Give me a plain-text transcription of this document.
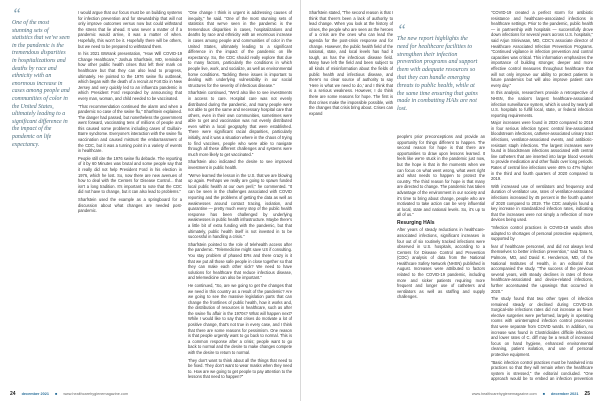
“
One of the most stunning sets of statistics that we've seen in the pandemic is the tremendous disparities in hospitalizations and deaths by race and ethnicity with an enormous increase in cases among people and communities of color in the United States, ultimately leading to a significant difference in the impact of the pandemic on life expectancy.

I would argue that our focus must be on building systems for infection prevention and for stewardship that will not only improve outcomes versus now but could withstand the stress that lie ahead. It was never a matter of if a pandemic would arrive, it was a matter of when. Hopefully, this won't be it. Hopefully there will be others, but we need to be prepared to withstand them.

In his 2021 BWrank presentation, "How Will COVID-19 Change Healthcare," Joshua Sharfstein, MD, reminded how other public health crises that left their mark on healthcare but that they can also lead to progress, ultimately. He pointed to the 1976 swine flu outbreak, which began with the death of a recruit at Fort Dix in New Jersey and very quickly led to an influenza pandemic in which President Ford responded by announcing that every man, woman, and child needed to be vaccinated.

"That recommendation continued the alarm and when a pandemic no case of the swine flu," Sharfstein explained. The danger had passed, but nonetheless the government went forward, vaccinating tens of millions of people and this caused some problems including cases of Guillain-Barre syndrome. Everyone's interaction with the swine flu vaccination and caused mistrust the embarrassment of the CDC, but it was a turning point in a variety of events in healthcare.

People still cite the 1976 swine flu debacle. The reporting of it by 60 Minutes was brutal and some people say that it really did not help President Ford in his election in 1976, which he lost. So, now there are new avenues of how to deal with the Centers for Disease Control... that isn't a long tradition. It's important to note that the CDC did not have to change, but it can also lead to problems."

Sharfstein used the example as a springboard for a discussion about what changes are needed post-pandemic.

"One change I think is urgent is addressing causes of inequity," he said. "One of the most stunning sets of statistics that we've seen in the pandemic is the tremendous disparities in cases, hospitalizations and deaths by race and ethnicity with an enormous increase in cases among people and communities of color in the United States, ultimately leading to a significant difference in the impact of the pandemic on life expectancy. So, the CDC should really explore that due to many factors, particularly the conditions in which people live, work, and socialize, as well as environmental home conditions. Tackling these issues is important to dealing with underlying vulnerability in our social structures for the severity of infectious disease."

Sharfstein continued, "We'd also like to see investments in access to care. Hospital care was not evenly distributed during the pandemic, and many people were not able to get the same and necessary hospital care that others, even in their own communities, sometimes were able to get and vaccination was not evenly distributed even within a local geography that were established. There were significant racial disparities, particularly initially, and it was a situation where in the chaos of trying to find vaccines, people who were able to navigate through all these different challenges and systems were much more likely to get vaccinated."

Sharfstein also indicated the desire to see improved investment in public health.

"We've learned the lesson in the U.S. that we are blowing up again. Perhaps we really are going to spawn funded local public health at our own peril," he commented. "It can be seen in the challenges associated with COVID reporting and the problems of getting the data as well as weaknesses around contact tracing, isolation, and quarantine — pretty much every step of the public health response has been challenged by underlying weaknesses in public health infrastructure. Maybe there's a little bit of extra funding with the pandemic, but that ultimately, public health itself is not invested in to be successful in handling a crisis."

Sharfstein pointed to the role of telehealth access after the pandemic. "Telemedicine might save US if consulting. You stay problem of phased ERs and there crazy is it that we put all those safe people in close together so that they can make each other sick? We need to have solutions for healthcare that reduce infectious disease, and telemedicine can also be important."

He continued, "So, are we going to get the changes that we need in this country as a result of the pandemic? Are we going to see the massive legislation parts that can change the frontlines of public health, how it works and, the distribution of resources in healthcare, such as after the swine flu affair in the 1970s? What will happen next? While I would like to say that crises do motivate a lot of positive change, that's not true in every case, and I think that there are some reasons for pessimism. One reason is that people urgently want to go back to normal. This is a common response after a crisis; people want to go back to normal and the desire to make changes compete with the desire to return to normal.

They don't want to think about all the things that need to be fixed. They don't want to wear masks when they need to. How are we going to get people to pay attention to the lessons that need to happen?"

24 december 2021 ■ www.healthcarehygienemagazine.com

Sharfstein stated, "The second reason is that I think that there's been a lack of authority to lead change. When you look at the history of crises, the people who are seen as the heroes of a crisis are the ones who can lead the agenda for the post-crisis response and for change. However, the public health field of the national, state, and local levels has had it tough, as has the infectious disease field. Many have left the field and been subject to all kinds of misinformation about the fields of public health and infectious disease, and there's no clear source of authority to say 'Here is what we need to do,' and I think that is a serious weakness. However, I do think there are some reasons for hope. The first is that crises make the impossible possible, with the changes that crisis bring about. Crises can expand

“
The new report highlights the need for healthcare facilities to strengthen their infection prevention programs and support them with adequate resources so that they can handle emerging threats to public health, while at the same time ensuring that gains made in combatting HAIs are not lost.

people's prior preconceptions and provide an opportunity for things different to happen. The second reason for hope is that there are opportunities to draw upon lessons learned. It feels like we're stuck in the pandemic just now, but the hope is that in the moments when we can focus on what went wrong, what went right and what needs to happen to protect the country. The third reason for hope is that many are directed to change. The pandemic has taken advantage of the environment in our society and it's time to bring about change, people who are motivated to take action can be very influential at local, state and national levels. So, it's up to all of us."

Resurging HAIs

After years of steady reductions in healthcare-associated infections, significant increases in four out of six routinely tracked infections were observed in U.S. hospitals, according to a Centers for Disease Control and Prevention (CDC) analysis of data from the National Healthcare Safety Network (NHSN) published in August. Increases were attributed to factors related to the COVID-19 pandemic, including more and sicker patients requiring more frequent and longer use of catheters and ventilators as well as staffing and supply challenges.

"COVID-19 created a perfect storm for antibiotic resistance and healthcare-associated infections in healthcare settings. Prior to the pandemic, public health — in partnership with hospitals — successfully drove down infections for several years across U.S. hospitals," said Arjun Srinivasan, MD, CDC's associate director of Healthcare Associated Infection Prevention Programs. "Continued vigilance in infection prevention and control capacities was critical. This information emphasizes the importance of building stronger, deeper and more effective control measures throughout healthcare that will not only improve our ability to protect patients in future pandemics but will also improve patient care every day."

In this analysis, researchers provide a retrospective of NHSN, the nation's largest healthcare-associated infection surveillance system, which is used by nearly all U.S. hospitals to fulfill local, state, or federal infection reporting requirements.

Major increases were found in 2020 compared to 2019 in four serious infection types: central line-associated bloodstream infections, catheter-associated urinary tract infections, ventilator-associated events, and antibiotic-resistant staph infections. The largest increases were found in bloodstream infections associated with central line catheters that are inserted into large blood vessels to provide medication and other fluids over long periods. Rates of central line infections were 46% to 47% higher in the third and fourth quarters of 2020 compared to 2019.

With increased use of ventilators and frequency and duration of ventilator use, rates of ventilator-associated infections increased by 45 percent in the fourth quarter of 2020 compared to 2019. The CDC analysis found a key increase in standardized infection rates, indicating that the increases were not simply a reflection of more devices being used.

"Infection control practices in COVID-19 wards often adapted to shortages of personal protective equipment, supported by

fear of healthcare personnel, and did not always lend themselves to better infection prevention," said Tara N. Palmore, MD, and David K. Henderson, MD, of the National Institutes of Health, in an editorial that accompanied the study. "The success of the previous several years, with steady declines in rates of these healthcare-associated and device-related infections, further accentuated the upswings that occurred in 2020."

The study found that two other types of infection remained steady or declined during COVID-19. Surgical-site infections rates did not increase as fewer elective surgeries were performed, largely in operating rooms with uninterrupted infection control processes that were separate from COVID wards. In addition, no increase was found in Clostridioides difficile infections and lower rates of C. diff may be a result of increased focus on hand hygiene, enhanced environmental cleaning, patient isolation, and use of personal protective equipment.

"Basic infection control practices must be hardwired into practices so that they will remain when the healthcare system is stressed," the editorial concluded. "One approach would be to embed an infection prevention

www.healthcarehygienemagazine.com ■ december 2021 25
